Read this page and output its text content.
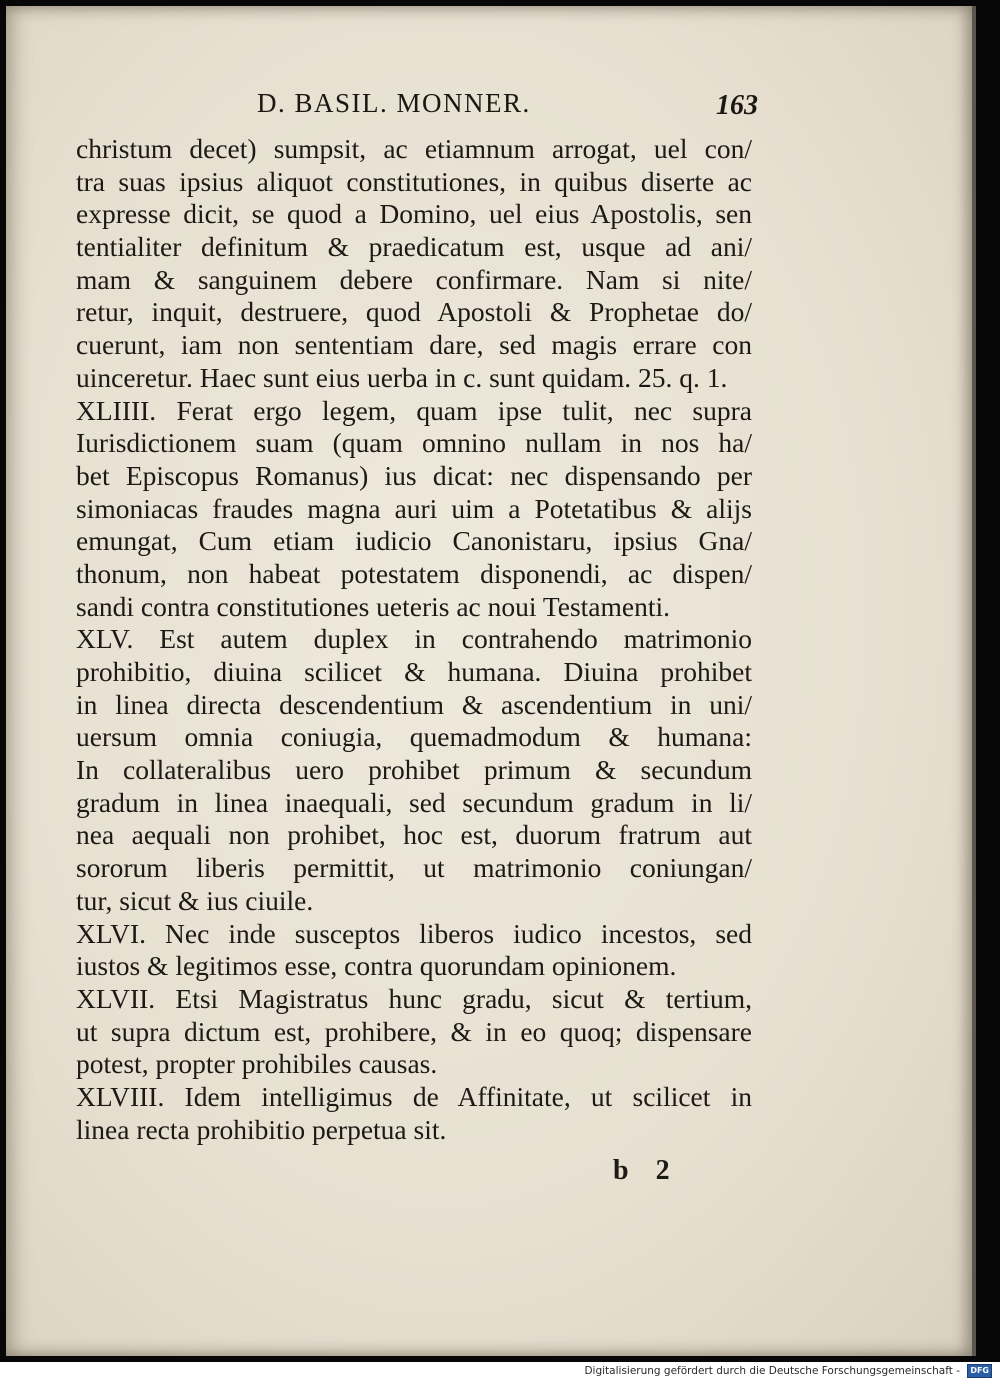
D. BASIL. MONNER.	163
christum decet) sumpsit, ac etiamnum arrogat, uel con/
tra suas ipsius aliquot constitutiones, in quibus diserte ac
expresse dicit, se quod a Domino, uel eius Apostolis, sen
tentialiter definitum & praedicatum est, usque ad ani/
mam & sanguinem debere confirmare. Nam si nite/
retur, inquit, destruere, quod Apostoli & Prophetae do/
cuerunt, iam non sententiam dare, sed magis errare con
uinceretur. Haec sunt eius uerba in c. sunt quidam. 25. q. 1.
XLIIII. Ferat ergo legem, quam ipse tulit, nec supra
Iurisdictionem suam (quam omnino nullam in nos ha/
bet Episcopus Romanus) ius dicat: nec dispensando per
simoniacas fraudes magna auri uim a Potetatibus & alijs
emungat, Cum etiam iudicio Canonistaru, ipsius Gna/
thonum, non habeat potestatem disponendi, ac dispen/
sandi contra constitutiones ueteris ac noui Testamenti.
XLV. Est autem duplex in contrahendo matrimonio
prohibitio, diuina scilicet & humana. Diuina prohibet
in linea directa descendentium & ascendentium in uni/
uersum omnia coniugia, quemadmodum & humana:
In collateralibus uero prohibet primum & secundum
gradum in linea inaequali, sed secundum gradum in li/
nea aequali non prohibet, hoc est, duorum fratrum aut
sororum liberis permittit, ut matrimonio coniungan/
tur, sicut & ius ciuile.
XLVI. Nec inde susceptos liberos iudico incestos, sed
iustos & legitimos esse, contra quorundam opinionem.
XLVII. Etsi Magistratus hunc gradu, sicut & tertium,
ut supra dictum est, prohibere, & in eo quoq; dispensare
potest, propter prohibiles causas.
XLVIII. Idem intelligimus de Affinitate, ut scilicet in
linea recta prohibitio perpetua sit.
b 2
Digitalisierung gefördert durch die Deutsche Forschungsgemeinschaft - DFG
